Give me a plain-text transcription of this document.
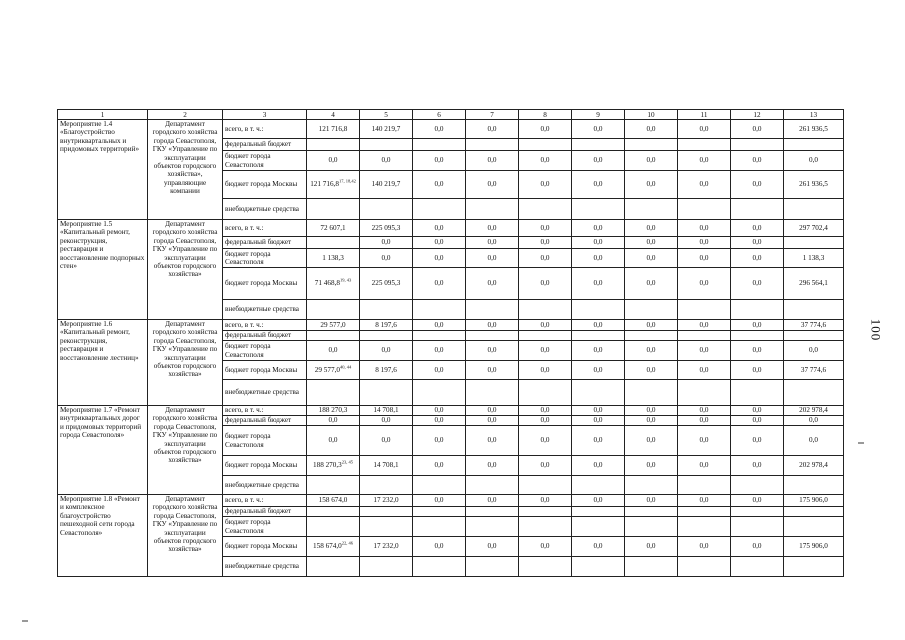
1	2	3	4	5	6	7	8	9	10	11	12	13
Мероприятие 1.4 «Благоустройство внутриквартальных и придомовых территорий»	Департамент городского хозяйства города Севастополя, ГКУ «Управление по эксплуатации объектов городского хозяйства», управляющие компании	всего, в т. ч.:	121 716,8	140 219,7	0,0	0,0	0,0	0,0	0,0	0,0	0,0	261 936,5
		федеральный бюджет										
		бюджет города Севастополя	0,0	0,0	0,0	0,0	0,0	0,0	0,0	0,0	0,0	0,0
		бюджет города Москвы	121 716,8$^{17, 18,42}$	140 219,7	0,0	0,0	0,0	0,0	0,0	0,0	0,0	261 936,5
		внебюджетные средства										
Мероприятие 1.5 «Капитальный ремонт, реконструкция, реставрация и восстановление подпорных стен»	Департамент городского хозяйства города Севастополя, ГКУ «Управление по эксплуатации объектов городского хозяйства»	всего, в т. ч.:	72 607,1	225 095,3	0,0	0,0	0,0	0,0	0,0	0,0	0,0	297 702,4
		федеральный бюджет		0,0	0,0	0,0	0,0	0,0	0,0	0,0	0,0	
		бюджет города Севастополя	1 138,3	0,0	0,0	0,0	0,0	0,0	0,0	0,0	0,0	1 138,3
		бюджет города Москвы	71 468,8$^{19, 43}$	225 095,3	0,0	0,0	0,0	0,0	0,0	0,0	0,0	296 564,1
		внебюджетные средства										
Мероприятие 1.6 «Капитальный ремонт, реконструкция, реставрация и восстановление лестниц»	Департамент городского хозяйства города Севастополя, ГКУ «Управление по эксплуатации объектов городского хозяйства»	всего, в т. ч.:	29 577,0	8 197,6	0,0	0,0	0,0	0,0	0,0	0,0	0,0	37 774,6
		федеральный бюджет										
		бюджет города Севастополя	0,0	0,0	0,0	0,0	0,0	0,0	0,0	0,0	0,0	0,0
		бюджет города Москвы	29 577,0$^{40, 44}$	8 197,6	0,0	0,0	0,0	0,0	0,0	0,0	0,0	37 774,6
		внебюджетные средства										
Мероприятие 1.7 «Ремонт внутриквартальных дорог и придомовых территорий города Севастополя»	Департамент городского хозяйства города Севастополя, ГКУ «Управление по эксплуатации объектов городского хозяйства»	всего, в т. ч.:	188 270,3	14 708,1	0,0	0,0	0,0	0,0	0,0	0,0	0,0	202 978,4
		федеральный бюджет	0,0	0,0	0,0	0,0	0,0	0,0	0,0	0,0	0,0	0,0
		бюджет города Севастополя	0,0	0,0	0,0	0,0	0,0	0,0	0,0	0,0	0,0	0,0
		бюджет города Москвы	188 270,3$^{23, 45}$	14 708,1	0,0	0,0	0,0	0,0	0,0	0,0	0,0	202 978,4
		внебюджетные средства										
Мероприятие 1.8 «Ремонт и комплексное благоустройство пешеходной сети города Севастополя»	Департамент городского хозяйства города Севастополя, ГКУ «Управление по эксплуатации объектов городского хозяйства»	всего, в т. ч.:	158 674,0	17 232,0	0,0	0,0	0,0	0,0	0,0	0,0	0,0	175 906,0
		федеральный бюджет										
		бюджет города Севастополя										
		бюджет города Москвы	158 674,0$^{22, 46}$	17 232,0	0,0	0,0	0,0	0,0	0,0	0,0	0,0	175 906,0
		внебюджетные средства										
100
